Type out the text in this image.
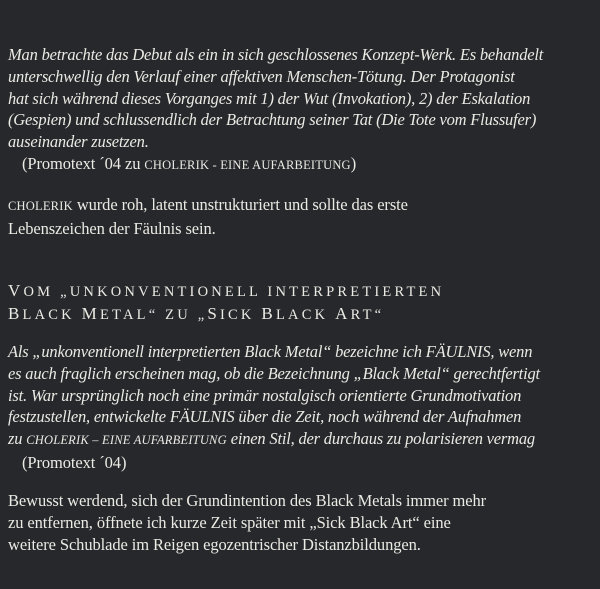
Man betrachte das Debut als ein in sich geschlossenes Konzept-Werk. Es behandelt

unterschwellig den Verlauf einer affektiven Menschen-Tötung. Der Protagonist

hat sich während dieses Vorganges mit 1) der Wut (Invokation), 2) der Eskalation

(Gespien) und schlussendlich der Betrachtung seiner Tat (Die Tote vom Flussufer)

auseinander zusetzen.

(Promotext ´04 zu CHOLERIK - EINE AUFARBEITUNG)

CHOLERIK wurde roh, latent unstrukturiert und sollte das erste

Lebenszeichen der Fäulnis sein.

VOM „UNKONVENTIONELL INTERPRETIERTEN

BLACK METAL“ ZU „SICK BLACK ART“

Als „unkonventionell interpretierten Black Metal“ bezeichne ich FÄULNIS, wenn

es auch fraglich erscheinen mag, ob die Bezeichnung „Black Metal“ gerechtfertigt

ist. War ursprünglich noch eine primär nostalgisch orientierte Grundmotivation

festzustellen, entwickelte FÄULNIS über die Zeit, noch während der Aufnahmen

zu CHOLERIK – EINE AUFARBEITUNG einen Stil, der durchaus zu polarisieren vermag

(Promotext ´04)

Bewusst werdend, sich der Grundintention des Black Metals immer mehr

zu entfernen, öffnete ich kurze Zeit später mit „Sick Black Art“ eine

weitere Schublade im Reigen egozentrischer Distanzbildungen.
